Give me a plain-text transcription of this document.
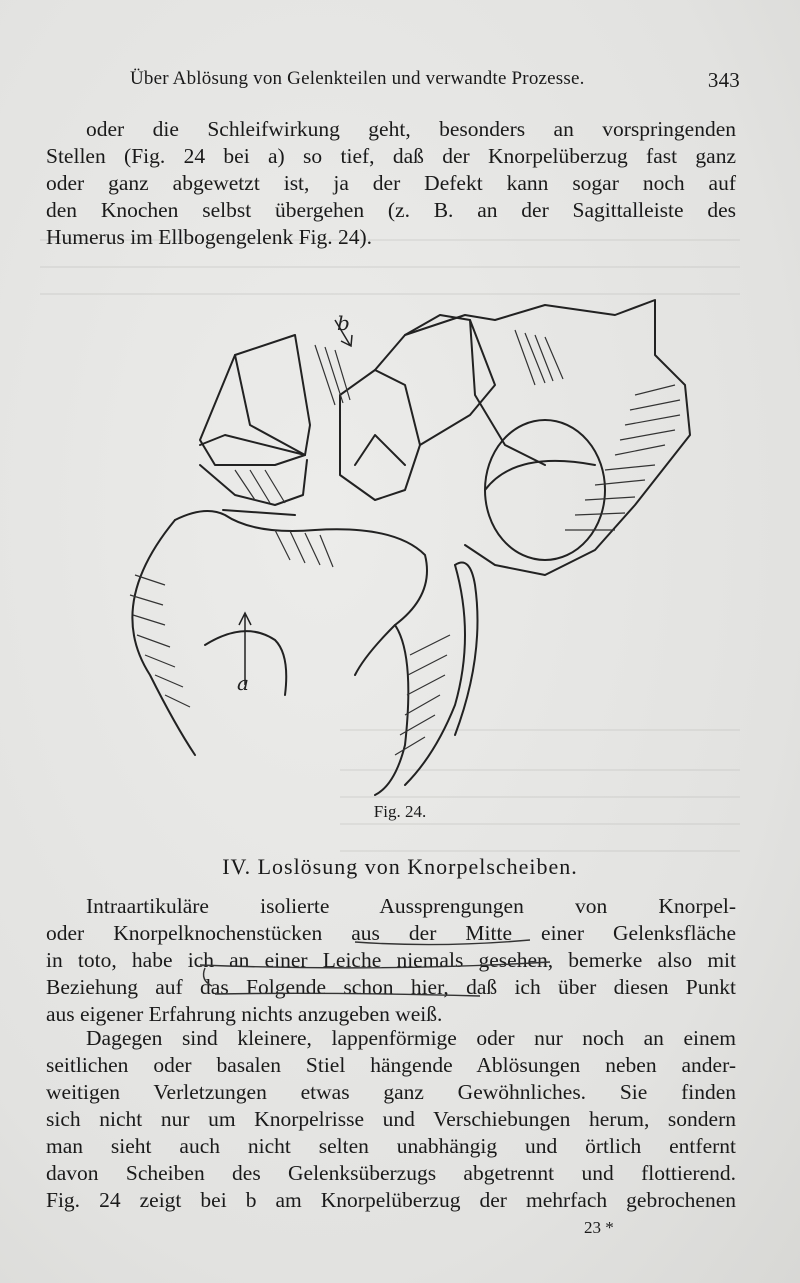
Über Ablösung von Gelenkteilen und verwandte Prozesse.	343

oder die Schleifwirkung geht, besonders an vorspringenden
Stellen (Fig. 24 bei a) so tief, daß der Knorpelüberzug fast ganz
oder ganz abgewetzt ist, ja der Defekt kann sogar noch auf
den Knochen selbst übergehen (z. B. an der Sagittalleiste des
Humerus im Ellbogengelenk Fig. 24).

a
b
Fig. 24.
IV. Loslösung von Knorpelscheiben.

Intraartikuläre isolierte Aussprengungen von Knorpel-
oder Knorpelknochenstücken aus der Mitte einer Gelenksfläche
in toto, habe ich an einer Leiche niemals gesehen, bemerke also mit
Beziehung auf das Folgende schon hier, daß ich über diesen Punkt
aus eigener Erfahrung nichts anzugeben weiß.

Dagegen sind kleinere, lappenförmige oder nur noch an einem
seitlichen oder basalen Stiel hängende Ablösungen neben ander-
weitigen Verletzungen etwas ganz Gewöhnliches. Sie finden
sich nicht nur um Knorpelrisse und Verschiebungen herum, sondern
man sieht auch nicht selten unabhängig und örtlich entfernt
davon Scheiben des Gelenksüberzugs abgetrennt und flottierend.
Fig. 24 zeigt bei b am Knorpelüberzug der mehrfach gebrochenen

23 *
